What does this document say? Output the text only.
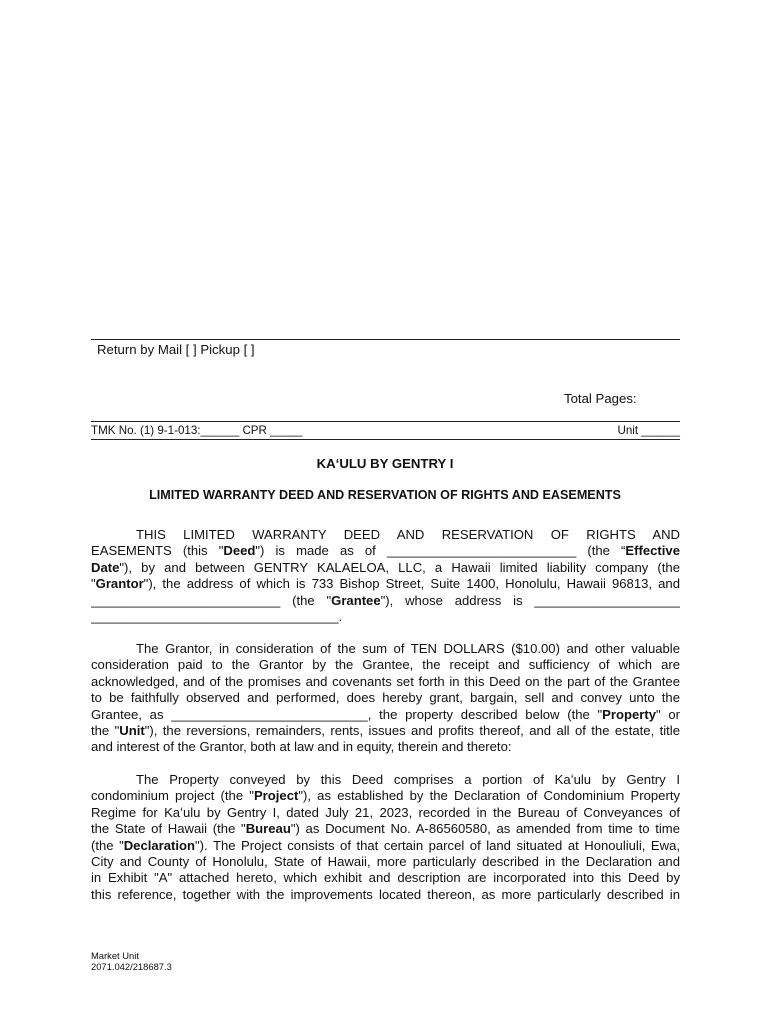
Return by Mail [ ] Pickup [ ]
Total Pages:
TMK No. (1) 9-1-013:______ CPR _____	Unit ______
KA‘ULU BY GENTRY I
LIMITED WARRANTY DEED AND RESERVATION OF RIGHTS AND EASEMENTS
THIS LIMITED WARRANTY DEED AND RESERVATION OF RIGHTS AND
EASEMENTS (this "Deed") is made as of __________________________ (the “Effective
Date"), by and between GENTRY KALAELOA, LLC, a Hawaii limited liability company (the
"Grantor"), the address of which is 733 Bishop Street, Suite 1400, Honolulu, Hawaii 96813, and
__________________________ (the "Grantee"), whose address is ____________________
__________________________________.
The Grantor, in consideration of the sum of TEN DOLLARS ($10.00) and other valuable
consideration paid to the Grantor by the Grantee, the receipt and sufficiency of which are
acknowledged, and of the promises and covenants set forth in this Deed on the part of the Grantee
to be faithfully observed and performed, does hereby grant, bargain, sell and convey unto the
Grantee, as ___________________________, the property described below (the "Property" or
the "Unit"), the reversions, remainders, rents, issues and profits thereof, and all of the estate, title
and interest of the Grantor, both at law and in equity, therein and thereto:
The Property conveyed by this Deed comprises a portion of Kaʻulu by Gentry I
condominium project (the "Project"), as established by the Declaration of Condominium Property
Regime for Kaʻulu by Gentry I, dated July 21, 2023, recorded in the Bureau of Conveyances of
the State of Hawaii (the "Bureau") as Document No. A-86560580, as amended from time to time
(the "Declaration"). The Project consists of that certain parcel of land situated at Honouliuli, Ewa,
City and County of Honolulu, State of Hawaii, more particularly described in the Declaration and
in Exhibit "A" attached hereto, which exhibit and description are incorporated into this Deed by
this reference, together with the improvements located thereon, as more particularly described in
Market Unit
2071.042/218687.3
